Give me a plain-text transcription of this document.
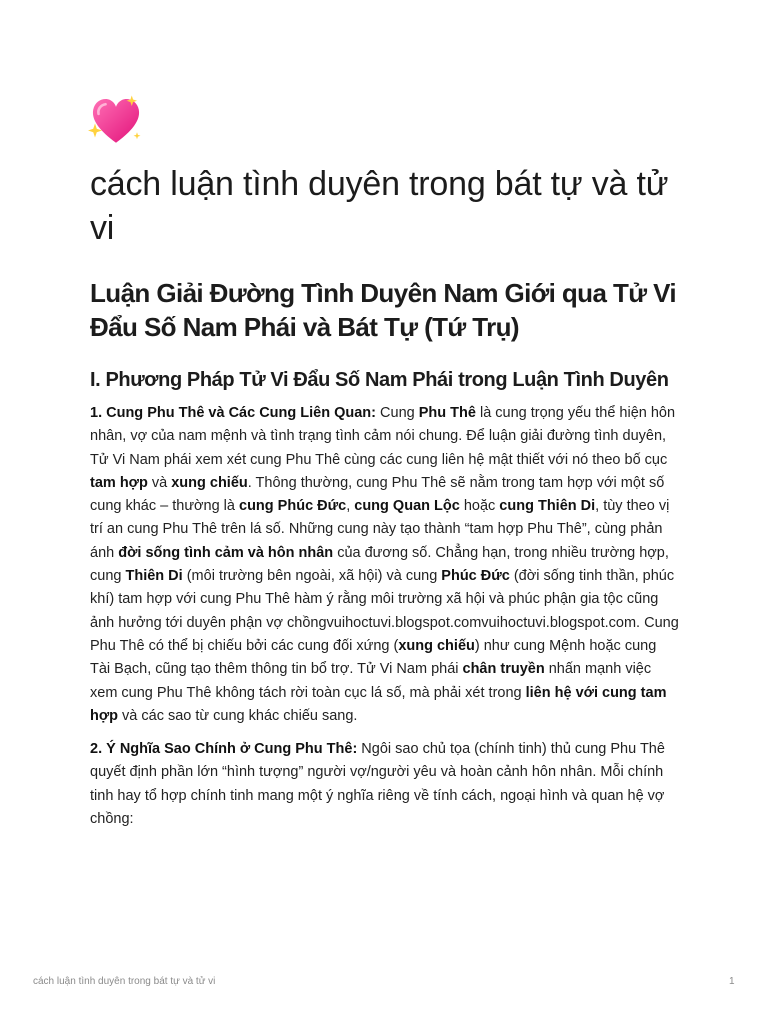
cách luận tình duyên trong bát tự và tử vi
Luận Giải Đường Tình Duyên Nam Giới qua Tử Vi Đẩu Số Nam Phái và Bát Tự (Tứ Trụ)
I. Phương Pháp Tử Vi Đẩu Số Nam Phái trong Luận Tình Duyên

1. Cung Phu Thê và Các Cung Liên Quan: Cung Phu Thê là cung trọng yếu thể hiện hôn nhân, vợ của nam mệnh và tình trạng tình cảm nói chung. Để luận giải đường tình duyên, Tử Vi Nam phái xem xét cung Phu Thê cùng các cung liên hệ mật thiết với nó theo bố cục tam hợp và xung chiếu. Thông thường, cung Phu Thê sẽ nằm trong tam hợp với một số cung khác – thường là cung Phúc Đức, cung Quan Lộc hoặc cung Thiên Di, tùy theo vị trí an cung Phu Thê trên lá số. Những cung này tạo thành “tam hợp Phu Thê”, cùng phản ánh đời sống tình cảm và hôn nhân của đương số. Chẳng hạn, trong nhiều trường hợp, cung Thiên Di (môi trường bên ngoài, xã hội) và cung Phúc Đức (đời sống tinh thần, phúc khí) tam hợp với cung Phu Thê hàm ý rằng môi trường xã hội và phúc phận gia tộc cũng ảnh hưởng tới duyên phận vợ chồngvuihoctuvi.blogspot.comvuihoctuvi.blogspot.com. Cung Phu Thê có thể bị chiếu bởi các cung đối xứng (xung chiếu) như cung Mệnh hoặc cung Tài Bạch, cũng tạo thêm thông tin bổ trợ. Tử Vi Nam phái chân truyền nhấn mạnh việc xem cung Phu Thê không tách rời toàn cục lá số, mà phải xét trong liên hệ với cung tam hợp và các sao từ cung khác chiếu sang.

2. Ý Nghĩa Sao Chính ở Cung Phu Thê: Ngôi sao chủ tọa (chính tinh) thủ cung Phu Thê quyết định phần lớn “hình tượng” người vợ/người yêu và hoàn cảnh hôn nhân. Mỗi chính tinh hay tổ hợp chính tinh mang một ý nghĩa riêng về tính cách, ngoại hình và quan hệ vợ chồng:

cách luận tình duyên trong bát tự và tử vi	1
